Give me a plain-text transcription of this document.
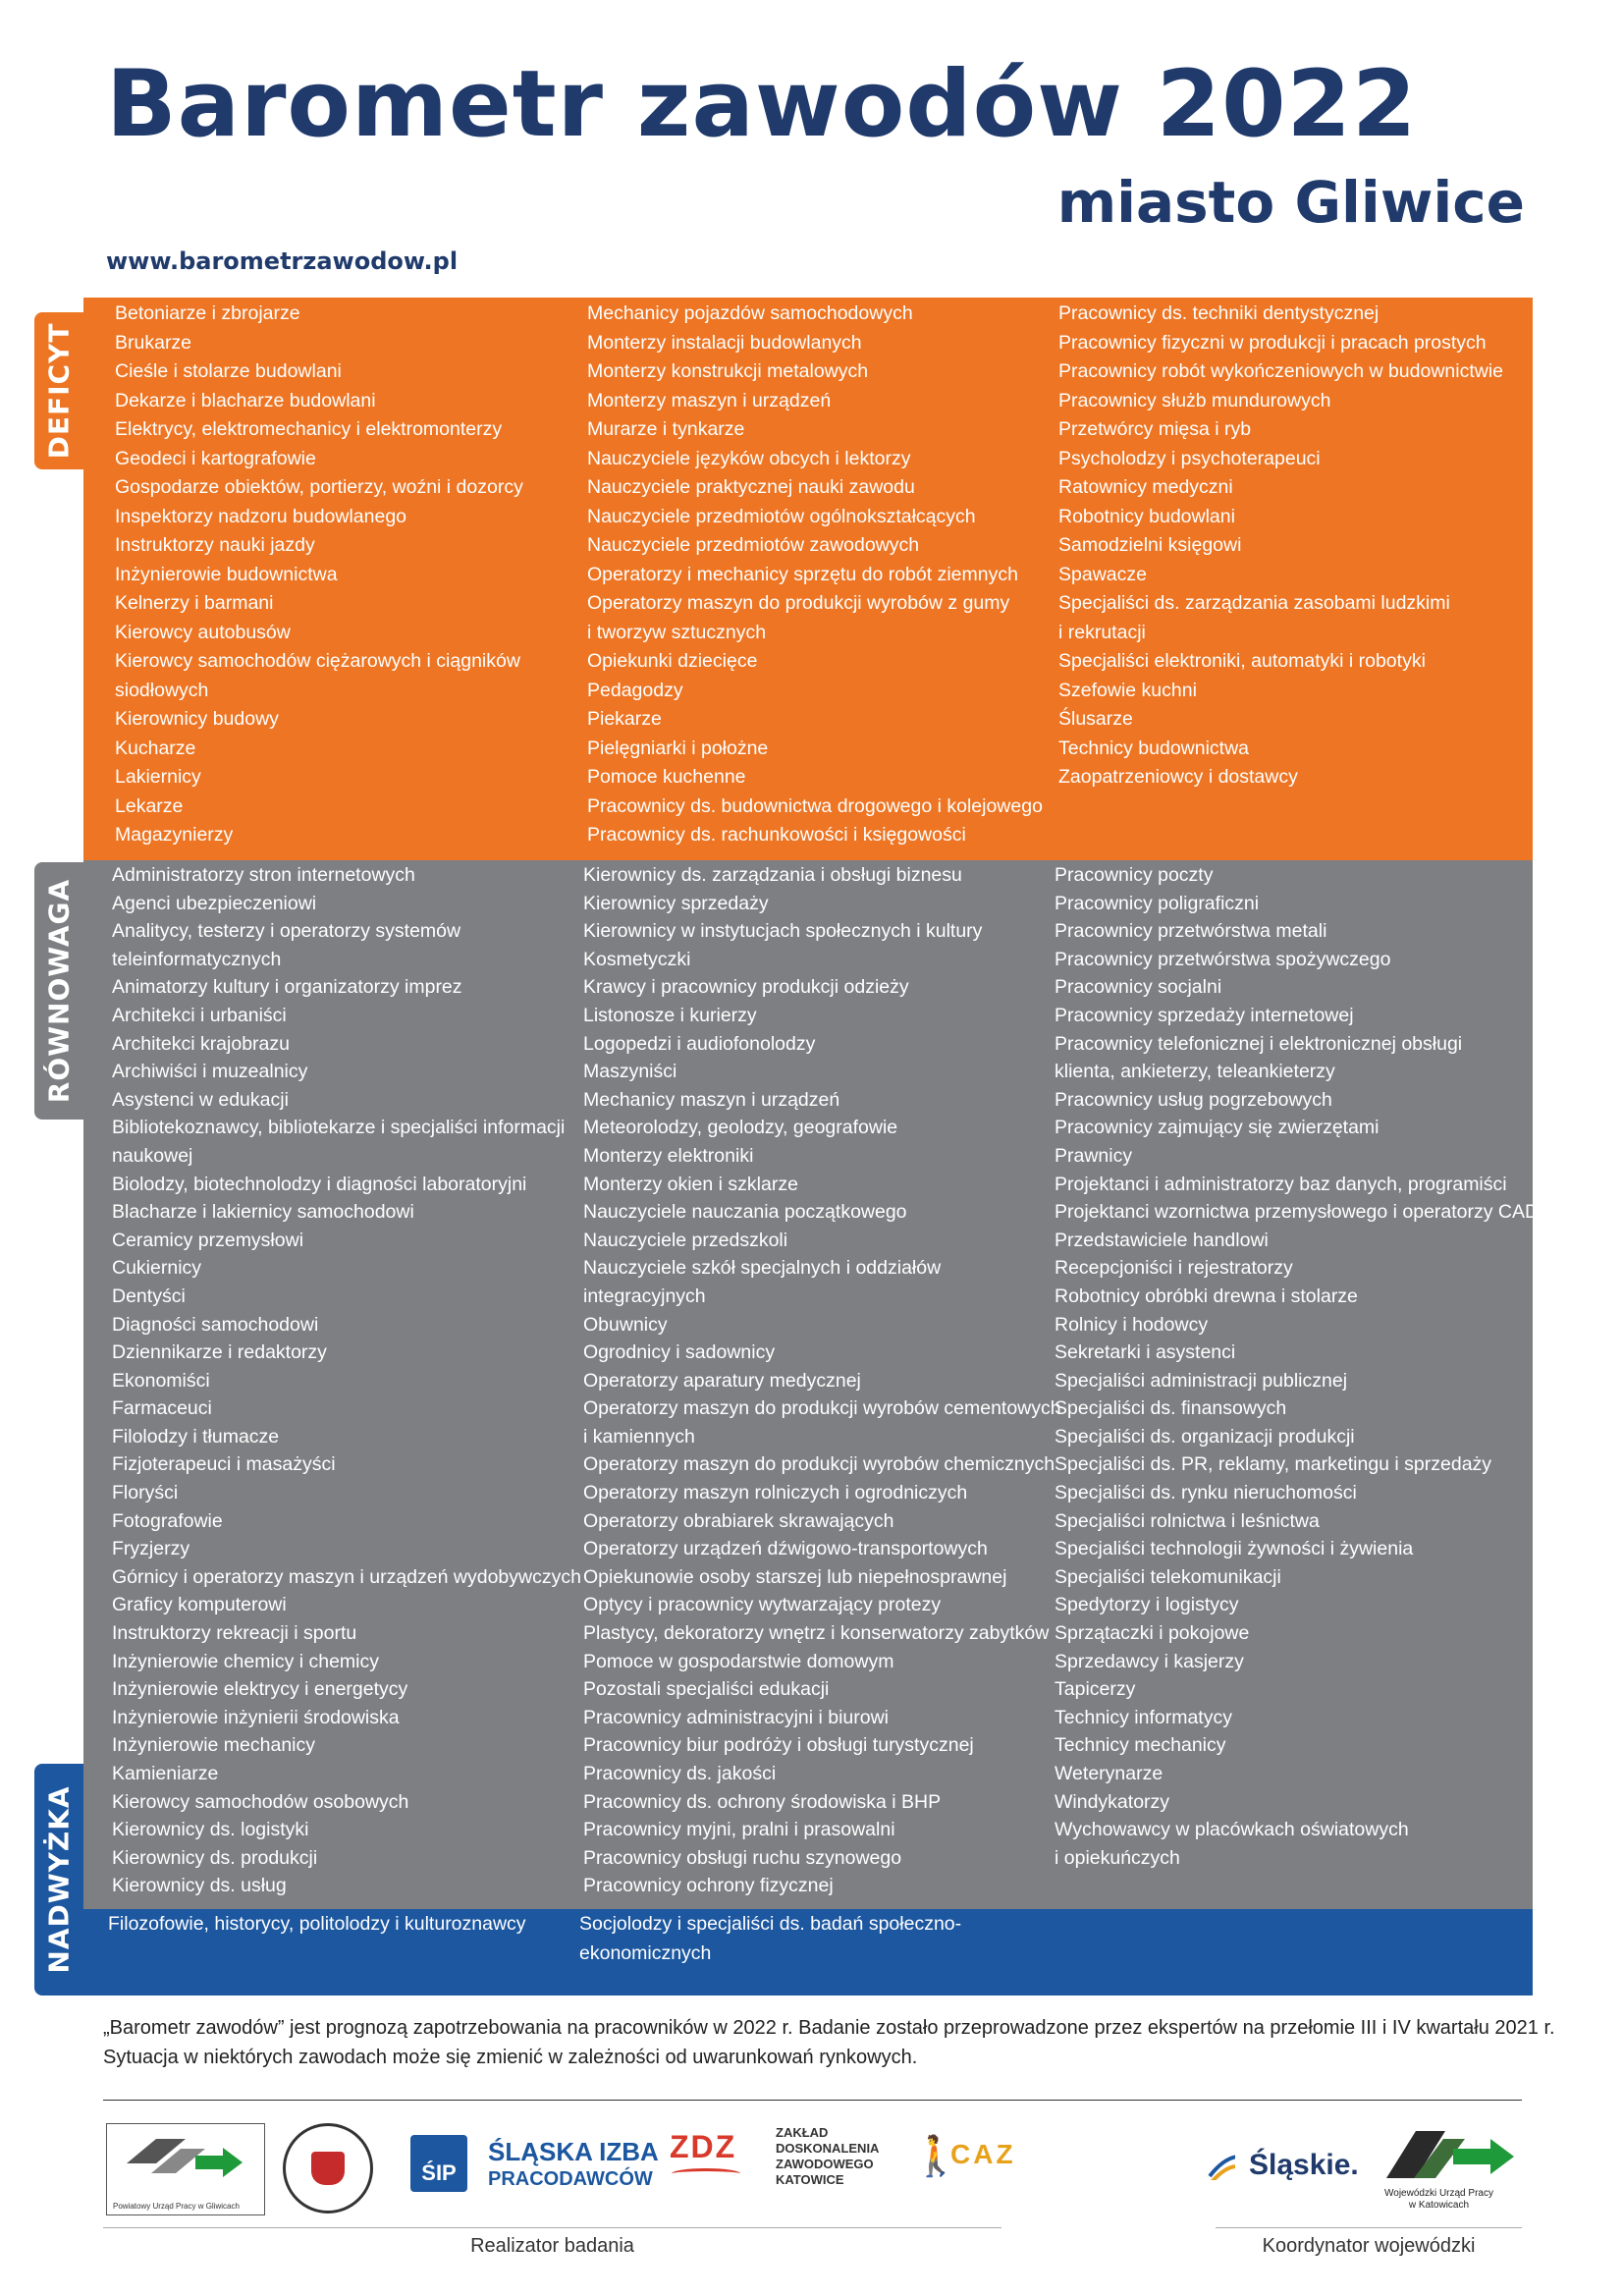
Barometr zawodów 2022
miasto Gliwice
www.barometrzawodow.pl
DEFICYT
Betoniarze i zbrojarze
Brukarze
Cieśle i stolarze budowlani
Dekarze i blacharze budowlani
Elektrycy, elektromechanicy i elektromonterzy
Geodeci i kartografowie
Gospodarze obiektów, portierzy, woźni i dozorcy
Inspektorzy nadzoru budowlanego
Instruktorzy nauki jazdy
Inżynierowie budownictwa
Kelnerzy i barmani
Kierowcy autobusów
Kierowcy samochodów ciężarowych i ciągników
siodłowych
Kierownicy budowy
Kucharze
Lakiernicy
Lekarze
Magazynierzy
Mechanicy pojazdów samochodowych
Monterzy instalacji budowlanych
Monterzy konstrukcji metalowych
Monterzy maszyn i urządzeń
Murarze i tynkarze
Nauczyciele języków obcych i lektorzy
Nauczyciele praktycznej nauki zawodu
Nauczyciele przedmiotów ogólnokształcących
Nauczyciele przedmiotów zawodowych
Operatorzy i mechanicy sprzętu do robót ziemnych
Operatorzy maszyn do produkcji wyrobów z gumy
i tworzyw sztucznych
Opiekunki dziecięce
Pedagodzy
Piekarze
Pielęgniarki i położne
Pomoce kuchenne
Pracownicy ds. budownictwa drogowego i kolejowego
Pracownicy ds. rachunkowości i księgowości
Pracownicy ds. techniki dentystycznej
Pracownicy fizyczni w produkcji i pracach prostych
Pracownicy robót wykończeniowych w budownictwie
Pracownicy służb mundurowych
Przetwórcy mięsa i ryb
Psycholodzy i psychoterapeuci
Ratownicy medyczni
Robotnicy budowlani
Samodzielni księgowi
Spawacze
Specjaliści ds. zarządzania zasobami ludzkimi
i rekrutacji
Specjaliści elektroniki, automatyki i robotyki
Szefowie kuchni
Ślusarze
Technicy budownictwa
Zaopatrzeniowcy i dostawcy
RÓWNOWAGA
Administratorzy stron internetowych
Agenci ubezpieczeniowi
Analitycy, testerzy i operatorzy systemów
teleinformatycznych
Animatorzy kultury i organizatorzy imprez
Architekci i urbaniści
Architekci krajobrazu
Archiwiści i muzealnicy
Asystenci w edukacji
Bibliotekoznawcy, bibliotekarze i specjaliści informacji
naukowej
Biolodzy, biotechnolodzy i diagności laboratoryjni
Blacharze i lakiernicy samochodowi
Ceramicy przemysłowi
Cukiernicy
Dentyści
Diagności samochodowi
Dziennikarze i redaktorzy
Ekonomiści
Farmaceuci
Filolodzy i tłumacze
Fizjoterapeuci i masażyści
Floryści
Fotografowie
Fryzjerzy
Górnicy i operatorzy maszyn i urządzeń wydobywczych
Graficy komputerowi
Instruktorzy rekreacji i sportu
Inżynierowie chemicy i chemicy
Inżynierowie elektrycy i energetycy
Inżynierowie inżynierii środowiska
Inżynierowie mechanicy
Kamieniarze
Kierowcy samochodów osobowych
Kierownicy ds. logistyki
Kierownicy ds. produkcji
Kierownicy ds. usług
Kierownicy ds. zarządzania i obsługi biznesu
Kierownicy sprzedaży
Kierownicy w instytucjach społecznych i kultury
Kosmetyczki
Krawcy i pracownicy produkcji odzieży
Listonosze i kurierzy
Logopedzi i audiofonolodzy
Maszyniści
Mechanicy maszyn i urządzeń
Meteorolodzy, geolodzy, geografowie
Monterzy elektroniki
Monterzy okien i szklarze
Nauczyciele nauczania początkowego
Nauczyciele przedszkoli
Nauczyciele szkół specjalnych i oddziałów
integracyjnych
Obuwnicy
Ogrodnicy i sadownicy
Operatorzy aparatury medycznej
Operatorzy maszyn do produkcji wyrobów cementowych
i kamiennych
Operatorzy maszyn do produkcji wyrobów chemicznych
Operatorzy maszyn rolniczych i ogrodniczych
Operatorzy obrabiarek skrawających
Operatorzy urządzeń dźwigowo-transportowych
Opiekunowie osoby starszej lub niepełnosprawnej
Optycy i pracownicy wytwarzający protezy
Plastycy, dekoratorzy wnętrz i konserwatorzy zabytków
Pomoce w gospodarstwie domowym
Pozostali specjaliści edukacji
Pracownicy administracyjni i biurowi
Pracownicy biur podróży i obsługi turystycznej
Pracownicy ds. jakości
Pracownicy ds. ochrony środowiska i BHP
Pracownicy myjni, pralni i prasowalni
Pracownicy obsługi ruchu szynowego
Pracownicy ochrony fizycznej
Pracownicy poczty
Pracownicy poligraficzni
Pracownicy przetwórstwa metali
Pracownicy przetwórstwa spożywczego
Pracownicy socjalni
Pracownicy sprzedaży internetowej
Pracownicy telefonicznej i elektronicznej obsługi
klienta, ankieterzy, teleankieterzy
Pracownicy usług pogrzebowych
Pracownicy zajmujący się zwierzętami
Prawnicy
Projektanci i administratorzy baz danych, programiści
Projektanci wzornictwa przemysłowego i operatorzy CAD
Przedstawiciele handlowi
Recepcjoniści i rejestratorzy
Robotnicy obróbki drewna i stolarze
Rolnicy i hodowcy
Sekretarki i asystenci
Specjaliści administracji publicznej
Specjaliści ds. finansowych
Specjaliści ds. organizacji produkcji
Specjaliści ds. PR, reklamy, marketingu i sprzedaży
Specjaliści ds. rynku nieruchomości
Specjaliści rolnictwa i leśnictwa
Specjaliści technologii żywności i żywienia
Specjaliści telekomunikacji
Spedytorzy i logistycy
Sprzątaczki i pokojowe
Sprzedawcy i kasjerzy
Tapicerzy
Technicy informatycy
Technicy mechanicy
Weterynarze
Windykatorzy
Wychowawcy w placówkach oświatowych
i opiekuńczych
NADWYŻKA Filozofowie, historycy, politolodzy i kulturoznawcy	Socjolodzy i specjaliści ds. badań społeczno-
ekonomicznych
„Barometr zawodów” jest prognozą zapotrzebowania na pracowników w 2022 r. Badanie zostało przeprowadzone przez ekspertów na przełomie III i IV kwartału 2021 r.
Sytuacja w niektórych zawodach może się zmienić w zależności od uwarunkowań rynkowych.
Powiatowy Urząd Pracy w Gliwicach
ŚIP
ŚLĄSKA IZBA
PRACODAWCÓW
ZDZ	ZAKŁAD
DOSKONALENIA
ZAWODOWEGO
KATOWICE
🚶
CAZ	Śląskie.
Wojewódzki Urząd Pracy
w Katowicach
Realizator badania	Koordynator wojewódzki
